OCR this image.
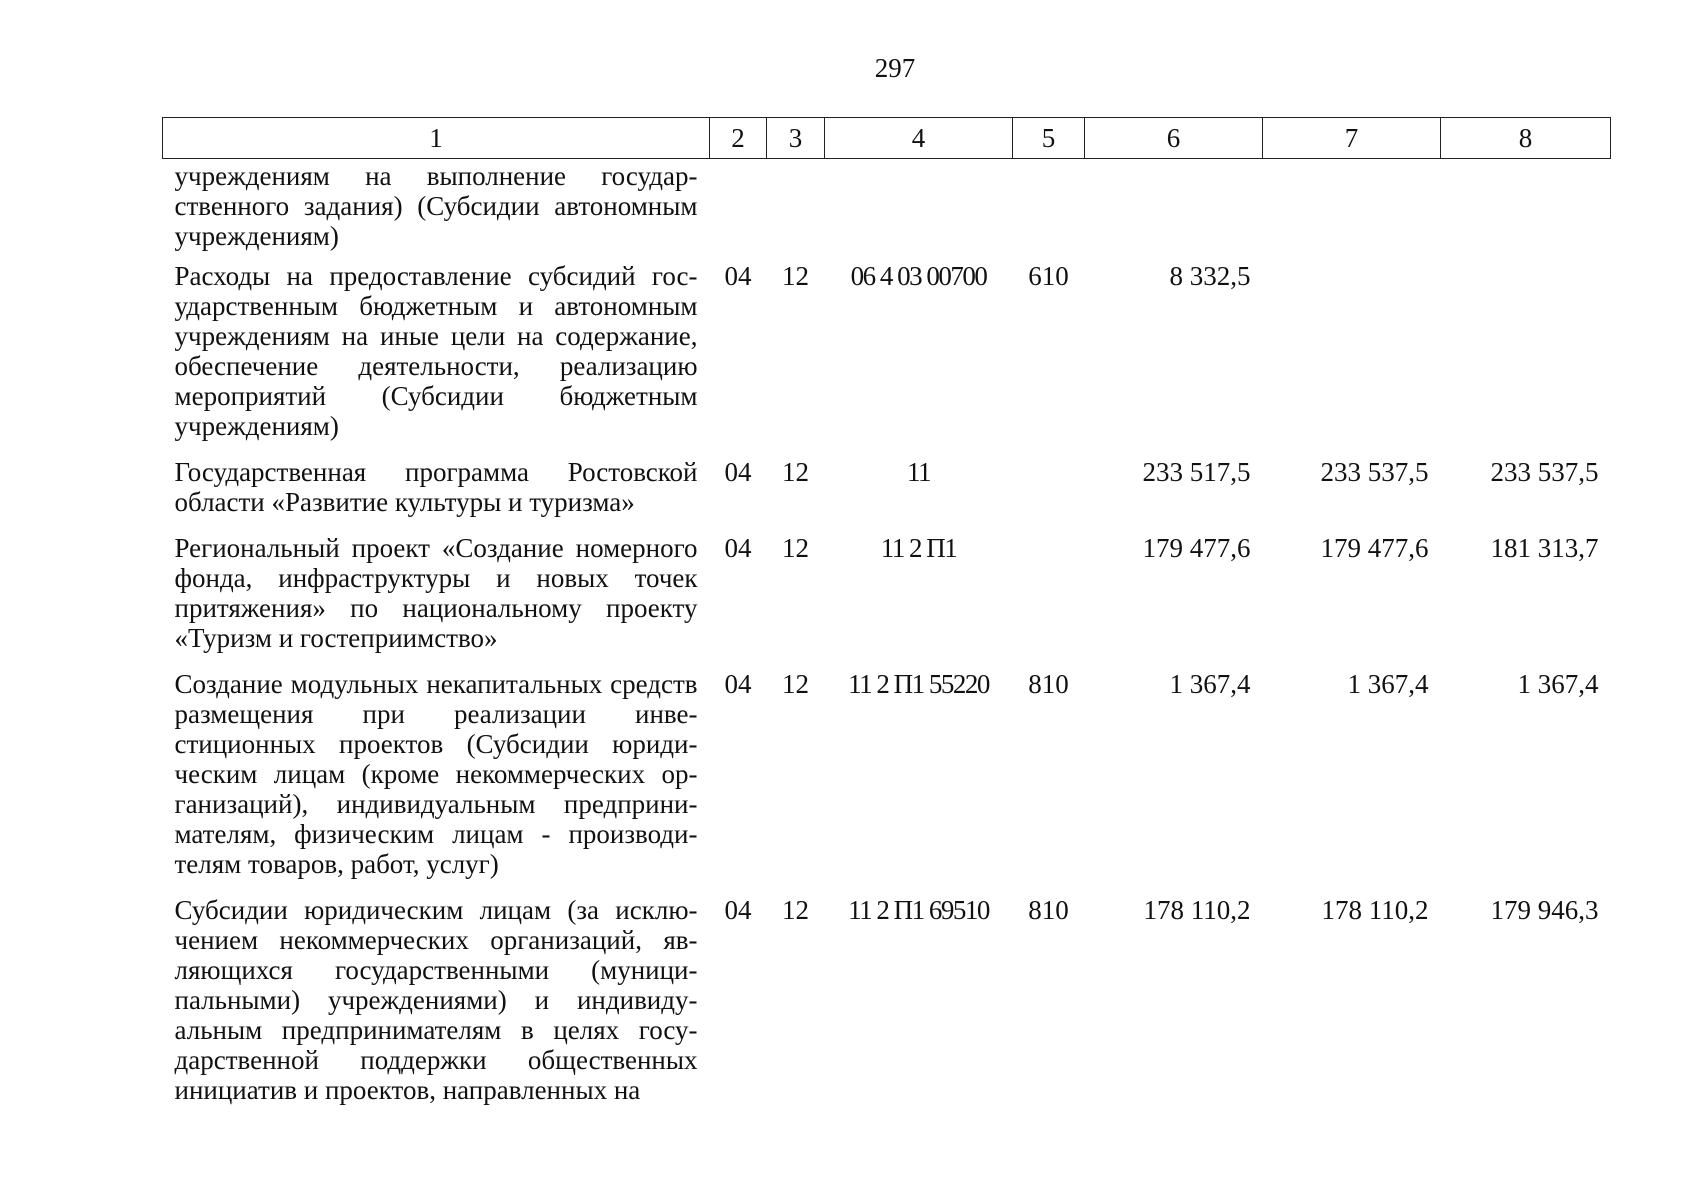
297
1	2	3	4	5	6	7	8
учреждениям на выполнение государственного задания) (Субсидии автономным учреждениям)							
Расходы на предоставление субсидий государственным бюджетным и автономным учреждениям на иные цели на содержание, обеспечение деятельности, реализацию мероприятий (Субсидии бюджетным учреждениям)	04	12	06 4 03 00700	610	8 332,5		
Государственная программа Ростовской области «Развитие культуры и туризма»	04	12	11		233 517,5	233 537,5	233 537,5
Региональный проект «Создание номерного фонда, инфраструктуры и новых точек притяжения» по национальному проекту «Туризм и гостеприимство»	04	12	11 2 П1		179 477,6	179 477,6	181 313,7
Создание модульных некапитальных средств размещения при реализации инвестиционных проектов (Субсидии юридическим лицам (кроме некоммерческих организаций), индивидуальным предпринимателям, физическим лицам - производителям товаров, работ, услуг)	04	12	11 2 П1 55220	810	1 367,4	1 367,4	1 367,4
Субсидии юридическим лицам (за исключением некоммерческих организаций, являющихся государственными (муниципальными) учреждениями) и индивидуальным предпринимателям в целях государственной поддержки общественных инициатив и проектов, направленных на	04	12	11 2 П1 69510	810	178 110,2	178 110,2	179 946,3
